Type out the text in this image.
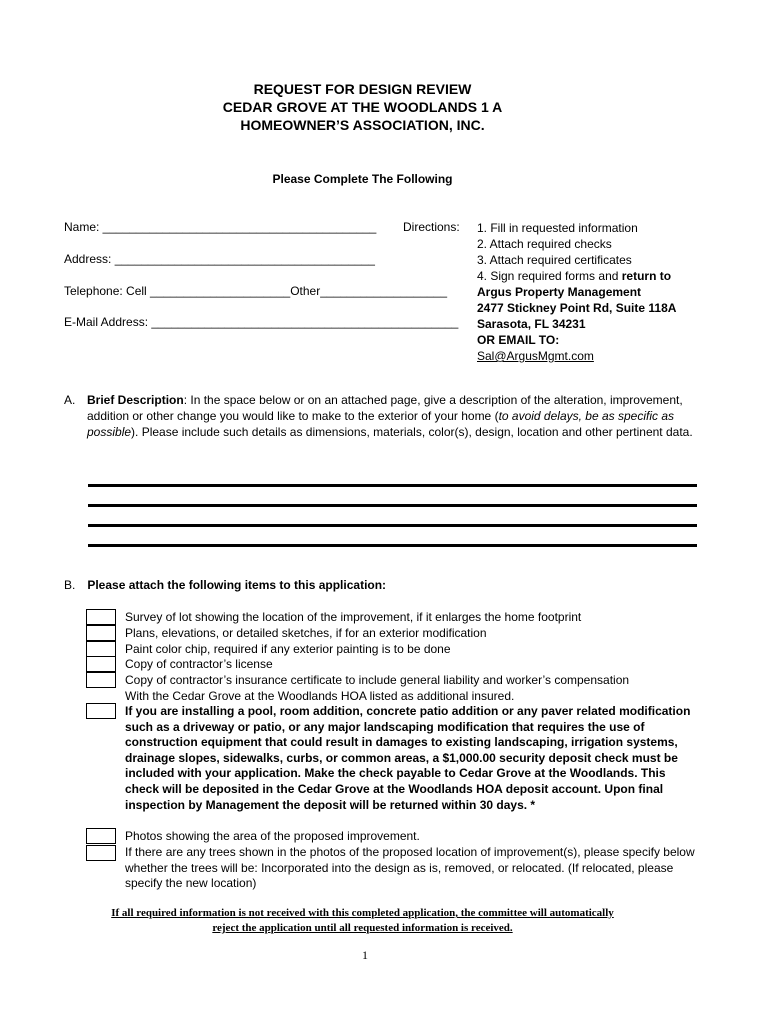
REQUEST FOR DESIGN REVIEW
CEDAR GROVE AT THE WOODLANDS 1 A
HOMEOWNER’S ASSOCIATION, INC.
Please Complete The Following
Name: _________________________________________
Address: _______________________________________
Telephone: Cell _____________________Other___________________
E-Mail Address: ______________________________________________
Directions: 1. Fill in requested information
2. Attach required checks
3. Attach required certificates
4. Sign required forms and return to
Argus Property Management
2477 Stickney Point Rd, Suite 118A
Sarasota, FL 34231
OR EMAIL TO:
Sal@ArgusMgmt.com
A. Brief Description: In the space below or on an attached page, give a description of the alteration, improvement, addition or other change you would like to make to the exterior of your home (to avoid delays, be as specific as possible). Please include such details as dimensions, materials, color(s), design, location and other pertinent data.
B. Please attach the following items to this application:
Survey of lot showing the location of the improvement, if it enlarges the home footprint
Plans, elevations, or detailed sketches, if for an exterior modification
Paint color chip, required if any exterior painting is to be done
Copy of contractor’s license
Copy of contractor’s insurance certificate to include general liability and worker’s compensation
With the Cedar Grove at the Woodlands HOA listed as additional insured.
If you are installing a pool, room addition, concrete patio addition or any paver related modification such as a driveway or patio, or any major landscaping modification that requires the use of construction equipment that could result in damages to existing landscaping, irrigation systems, drainage slopes, sidewalks, curbs, or common areas, a $1,000.00 security deposit check must be included with your application. Make the check payable to Cedar Grove at the Woodlands. This check will be deposited in the Cedar Grove at the Woodlands HOA deposit account. Upon final inspection by Management the deposit will be returned within 30 days. *
Photos showing the area of the proposed improvement.
If there are any trees shown in the photos of the proposed location of improvement(s), please specify below whether the trees will be: Incorporated into the design as is, removed, or relocated. (If relocated, please specify the new location)
If all required information is not received with this completed application, the committee will automatically
reject the application until all requested information is received.
1
